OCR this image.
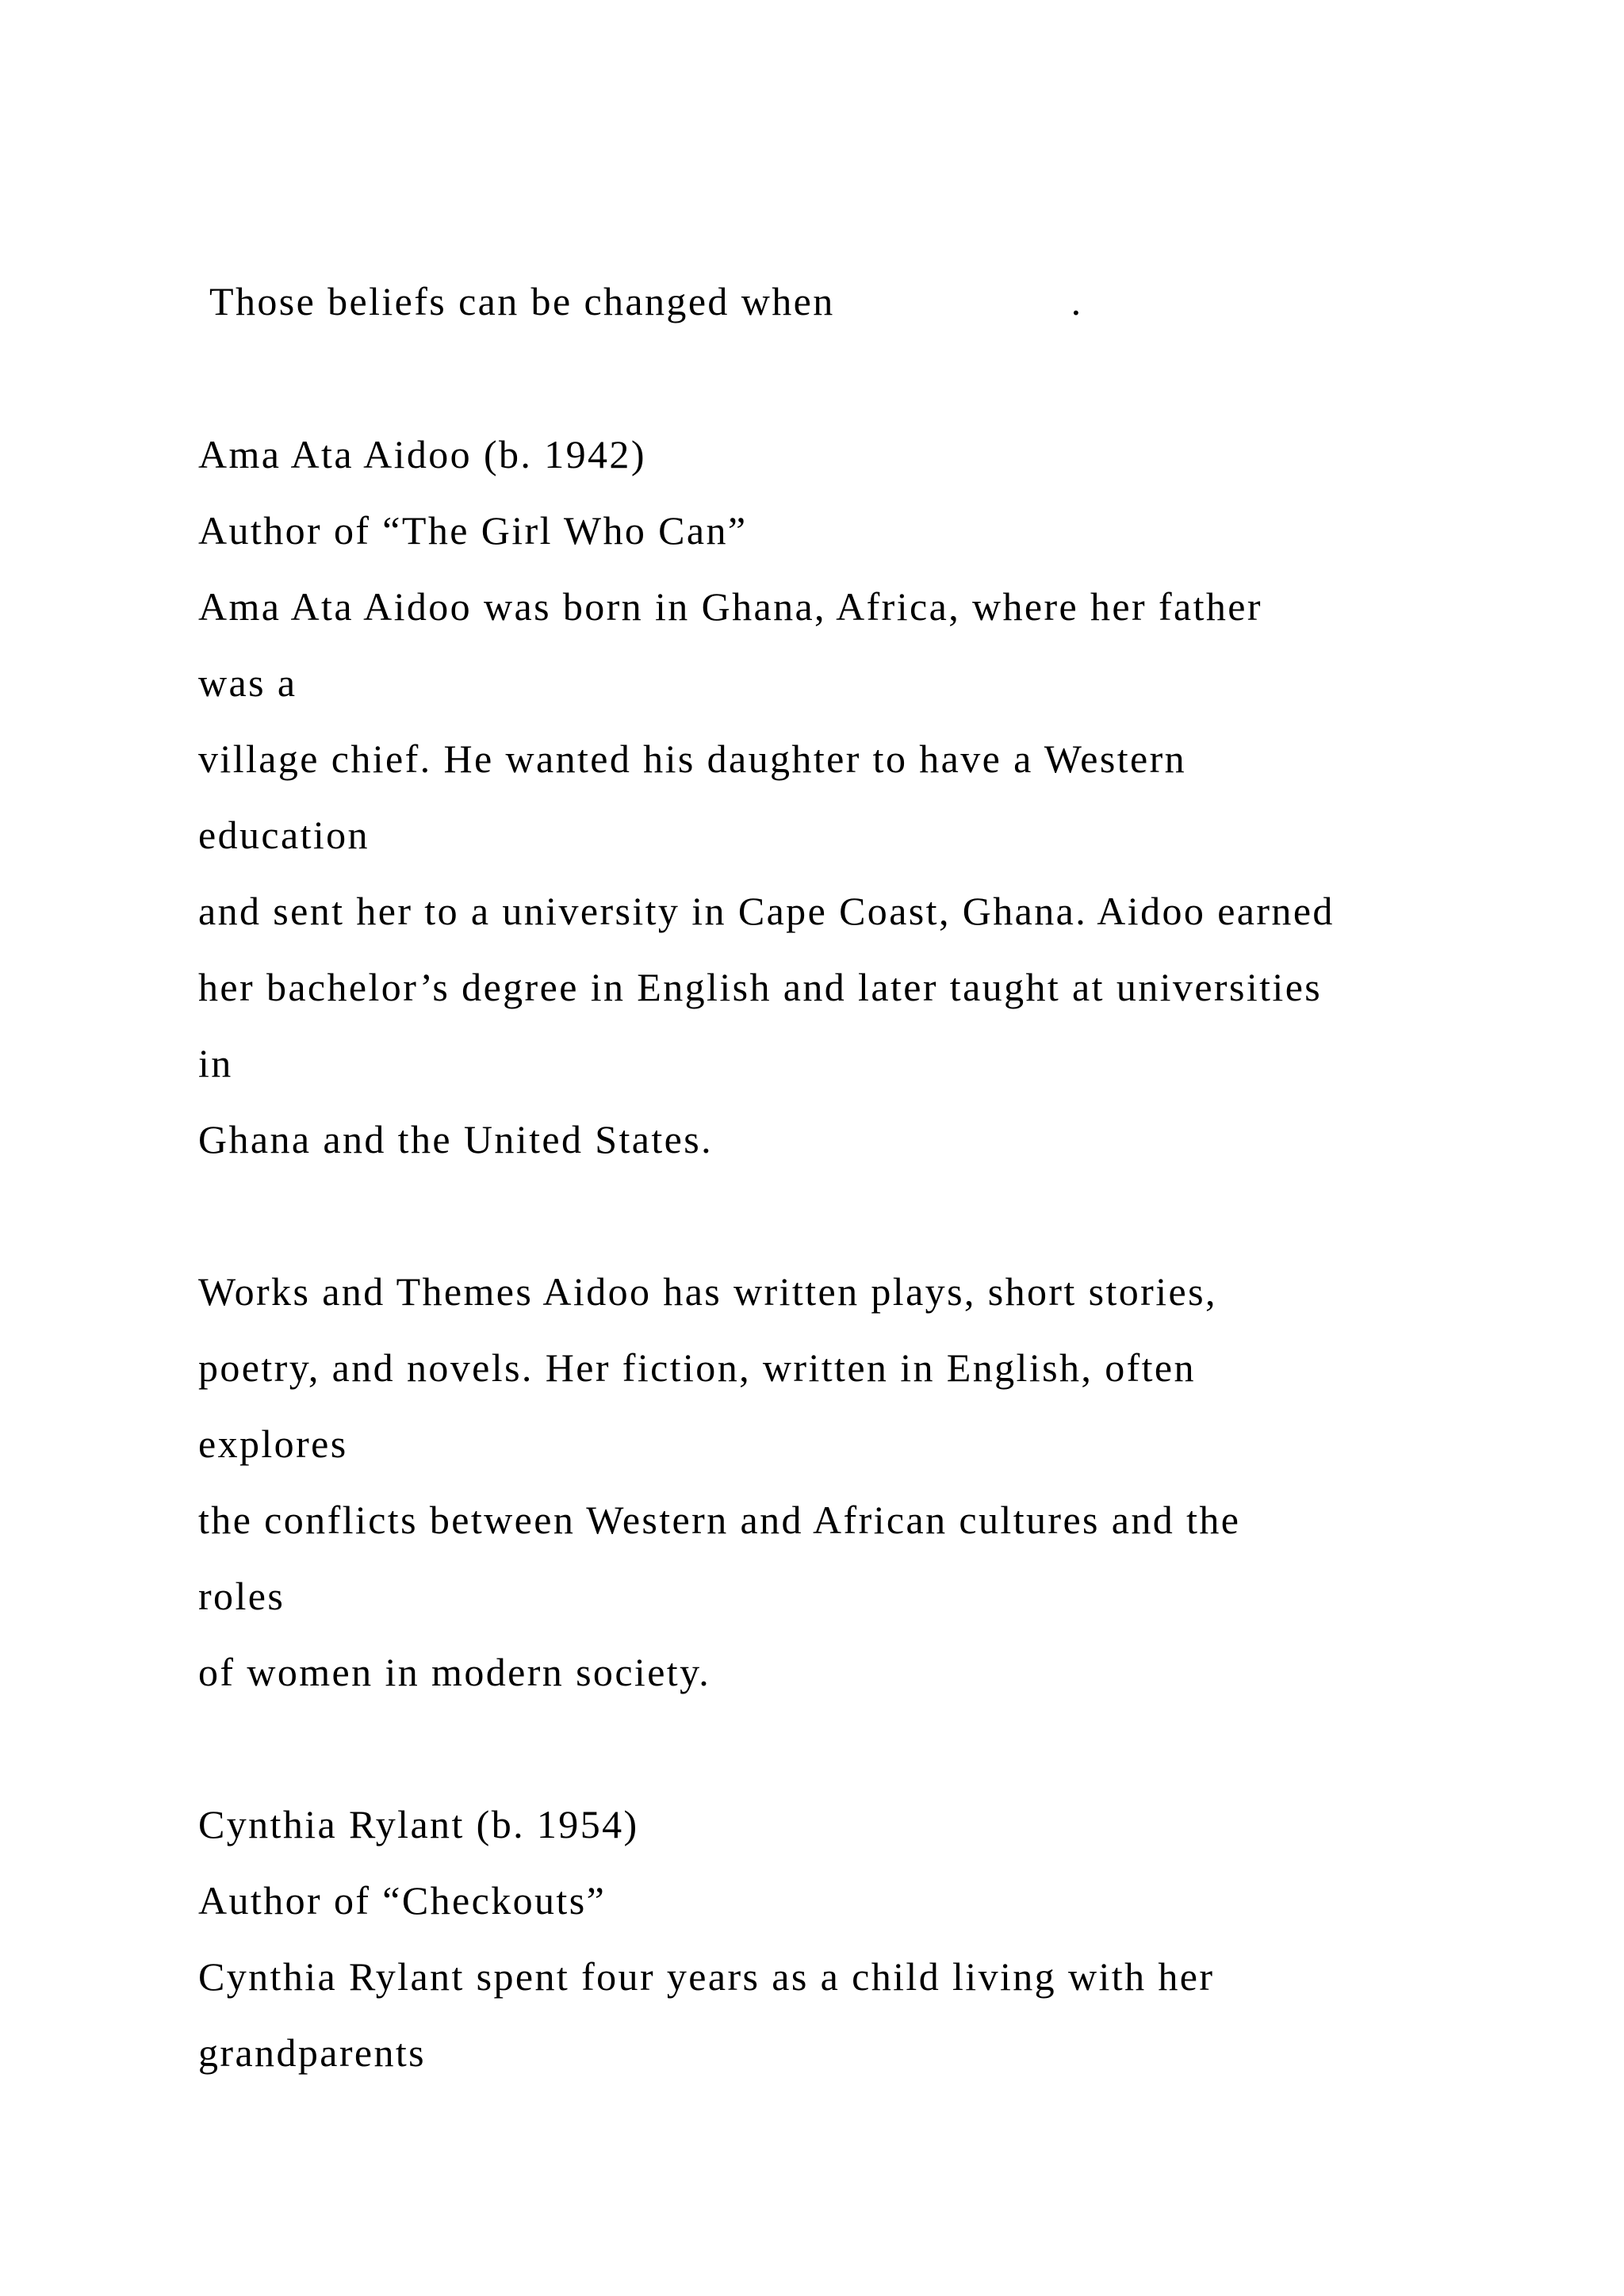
Those beliefs can be changed when                    .

Ama Ata Aidoo (b. 1942)

Author of “The Girl Who Can”

Ama Ata Aidoo was born in Ghana, Africa, where her father

was a

village chief. He wanted his daughter to have a Western

education

and sent her to a university in Cape Coast, Ghana. Aidoo earned

her bachelor’s degree in English and later taught at universities

in

Ghana and the United States.

Works and Themes Aidoo has written plays, short stories,

poetry, and novels. Her fiction, written in English, often

explores

the conflicts between Western and African cultures and the

roles

of women in modern society.

Cynthia Rylant (b. 1954)

Author of “Checkouts”

Cynthia Rylant spent four years as a child living with her

grandparents
